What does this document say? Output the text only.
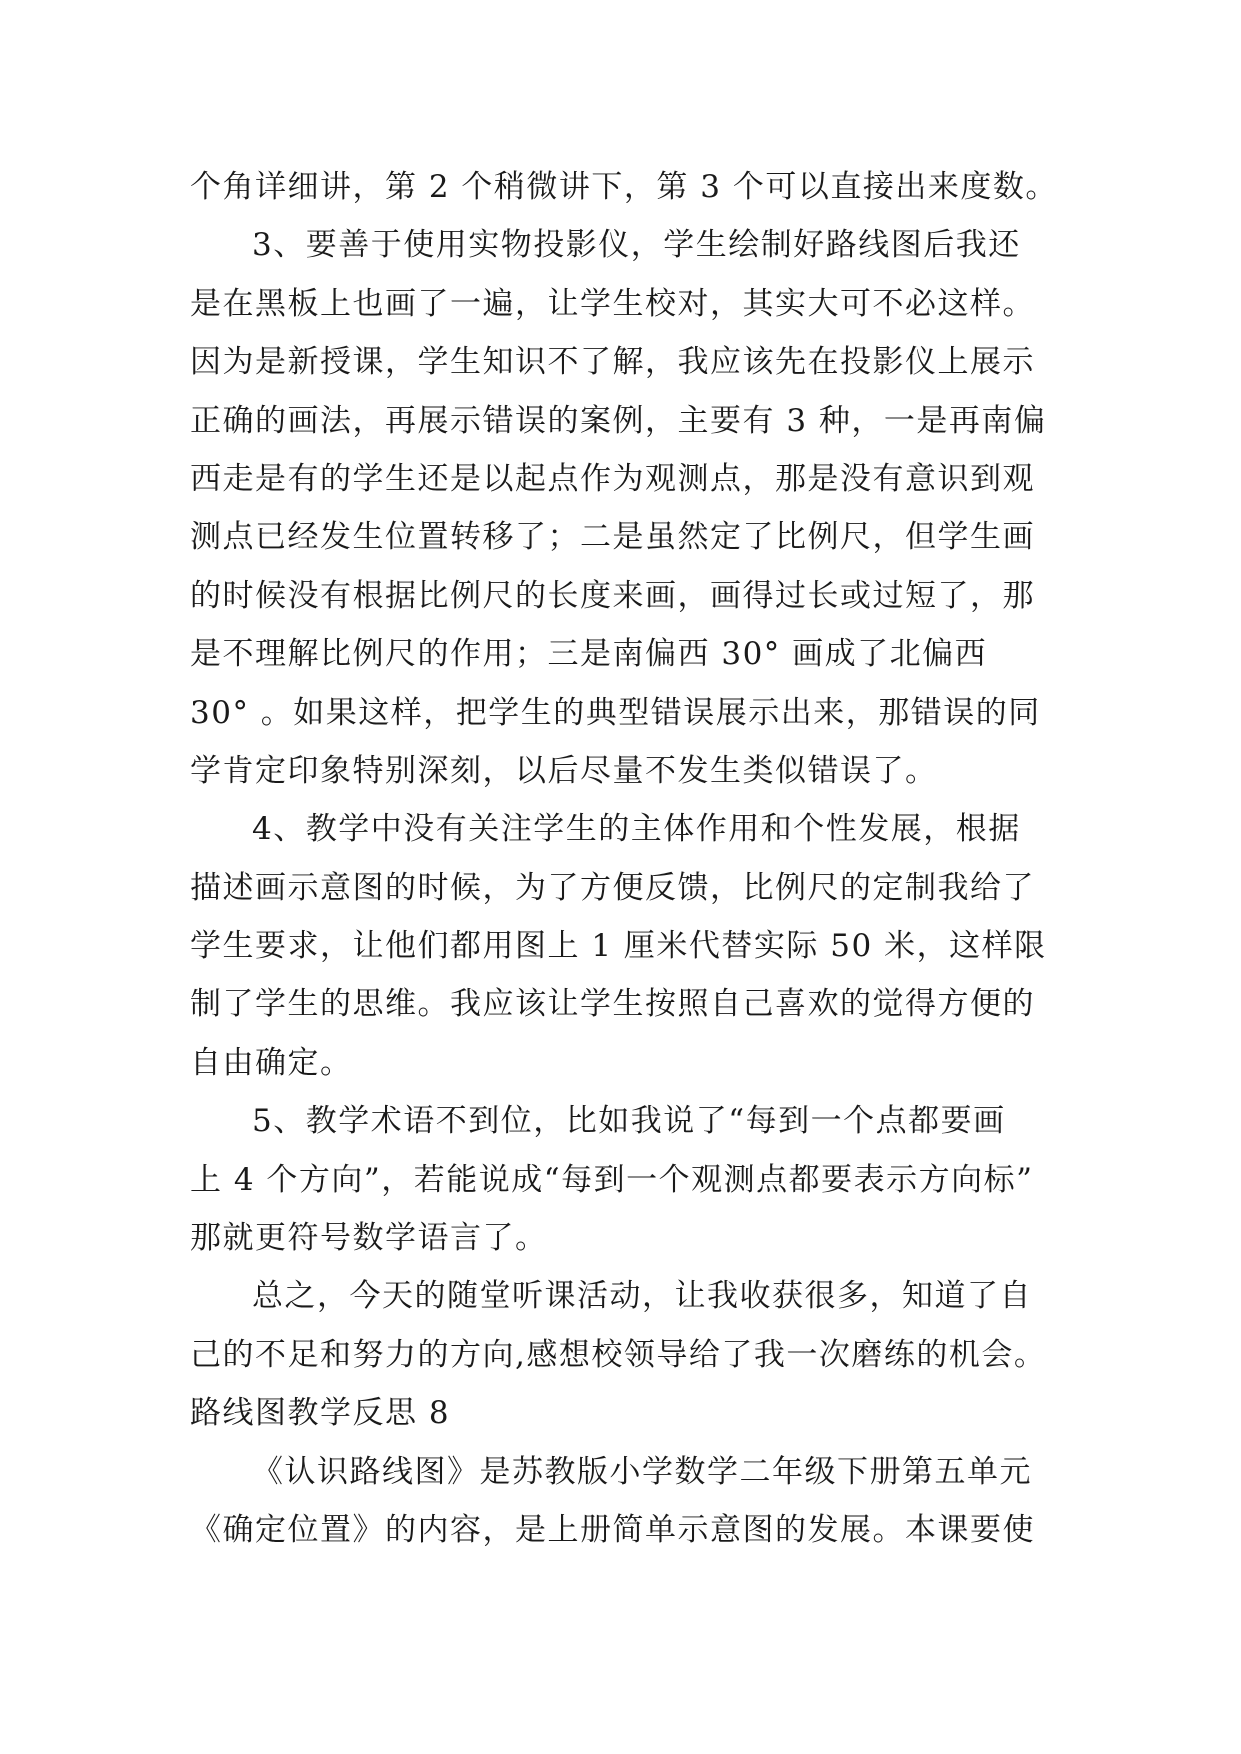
个角详细讲，第 2 个稍微讲下，第 3 个可以直接出来度数。
3、要善于使用实物投影仪，学生绘制好路线图后我还
是在黑板上也画了一遍，让学生校对，其实大可不必这样。
因为是新授课，学生知识不了解，我应该先在投影仪上展示
正确的画法，再展示错误的案例，主要有 3 种，一是再南偏
西走是有的学生还是以起点作为观测点，那是没有意识到观
测点已经发生位置转移了；二是虽然定了比例尺，但学生画
的时候没有根据比例尺的长度来画，画得过长或过短了，那
是不理解比例尺的作用；三是南偏西 30° 画成了北偏西
30° 。如果这样，把学生的典型错误展示出来，那错误的同
学肯定印象特别深刻，以后尽量不发生类似错误了。
4、教学中没有关注学生的主体作用和个性发展，根据
描述画示意图的时候，为了方便反馈，比例尺的定制我给了
学生要求，让他们都用图上 1 厘米代替实际 50 米，这样限
制了学生的思维。我应该让学生按照自己喜欢的觉得方便的
自由确定。
5、教学术语不到位，比如我说了“每到一个点都要画
上 4 个方向”，若能说成“每到一个观测点都要表示方向标”
那就更符号数学语言了。
总之，今天的随堂听课活动，让我收获很多，知道了自
己的不足和努力的方向,感想校领导给了我一次磨练的机会。
路线图教学反思 8
《认识路线图》是苏教版小学数学二年级下册第五单元
《确定位置》的内容，是上册简单示意图的发展。本课要使
